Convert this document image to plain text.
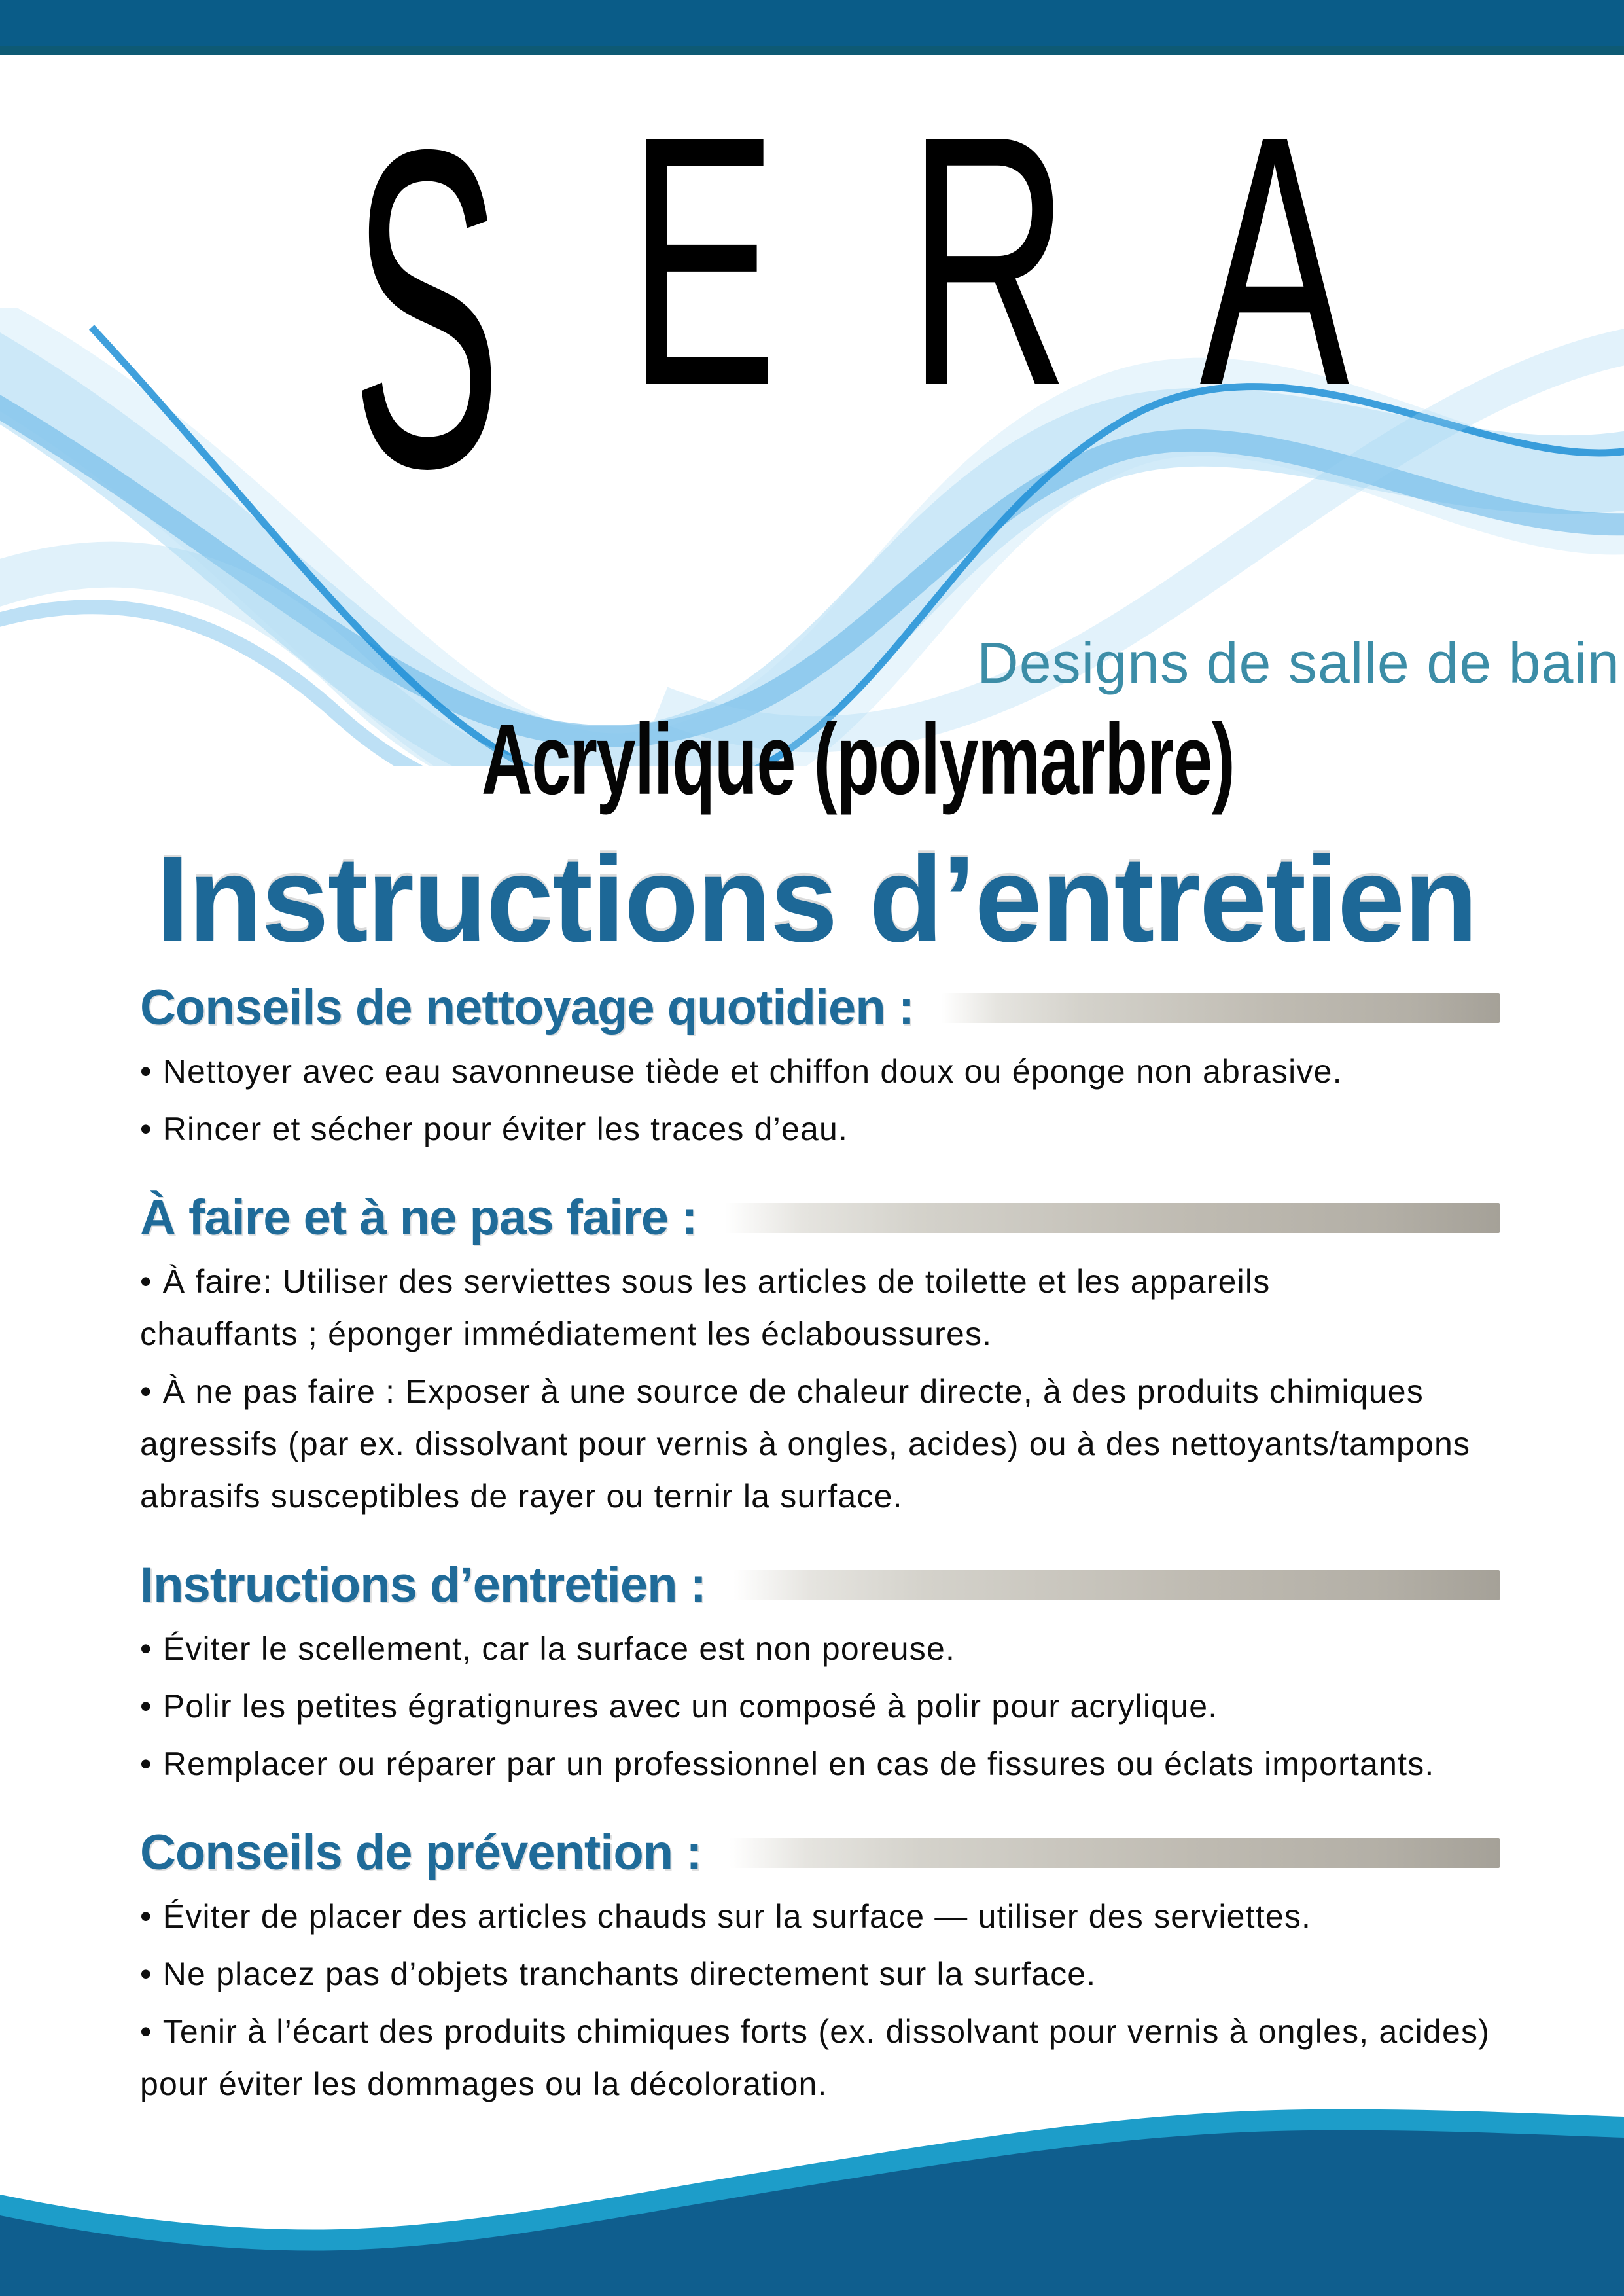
S E R A
Designs de salle de bain
Acrylique (polymarbre)
Instructions d’entretien
Conseils de nettoyage quotidien :

• Nettoyer avec eau savonneuse tiède et chiffon doux ou éponge non abrasive.

• Rincer et sécher pour éviter les traces d’eau.

À faire et à ne pas faire :

• À faire: Utiliser des serviettes sous les articles de toilette et les appareils

chauffants ; éponger immédiatement les éclaboussures.

• À ne pas faire : Exposer à une source de chaleur directe, à des produits chimiques

agressifs (par ex. dissolvant pour vernis à ongles, acides) ou à des nettoyants/tampons

abrasifs susceptibles de rayer ou ternir la surface.

Instructions d’entretien :

• Éviter le scellement, car la surface est non poreuse.

• Polir les petites égratignures avec un composé à polir pour acrylique.

• Remplacer ou réparer par un professionnel en cas de fissures ou éclats importants.

Conseils de prévention :

• Éviter de placer des articles chauds sur la surface — utiliser des serviettes.

• Ne placez pas d’objets tranchants directement sur la surface.

• Tenir à l’écart des produits chimiques forts (ex. dissolvant pour vernis à ongles, acides)

pour éviter les dommages ou la décoloration.
